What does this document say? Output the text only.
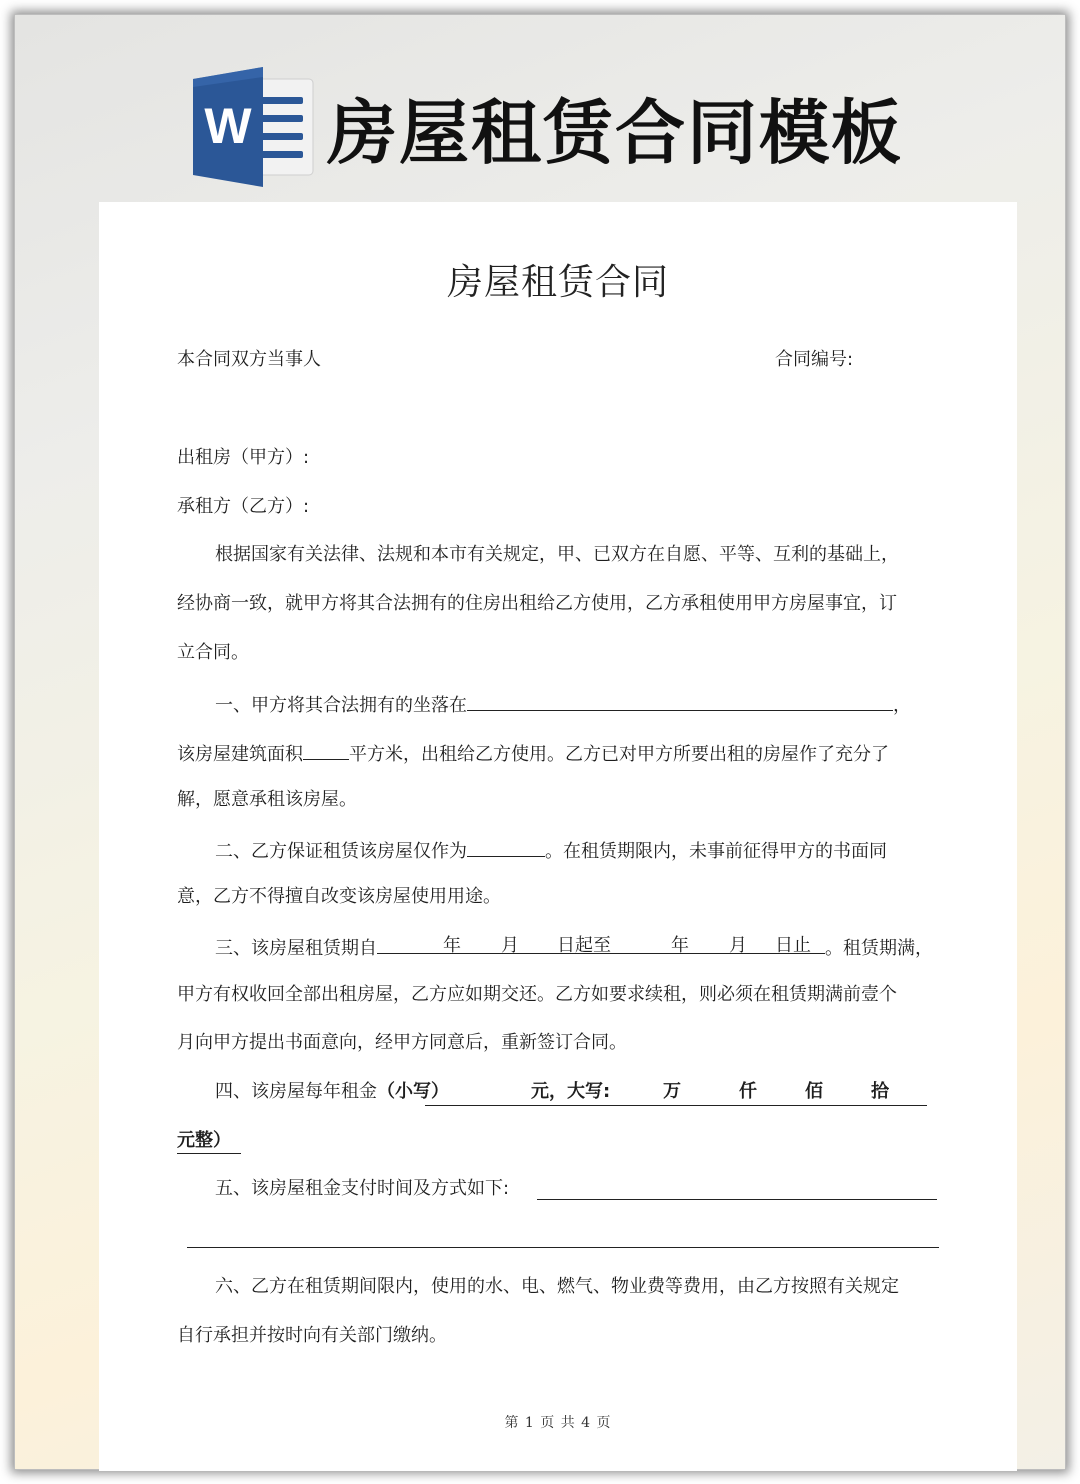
W 房屋租赁合同模板
房屋租赁合同
本合同双方当事人	合同编号:
出租房（甲方）:
承租方（乙方）:
根据国家有关法律、法规和本市有关规定，甲、已双方在自愿、平等、互利的基础上，
经协商一致，就甲方将其合法拥有的住房出租给乙方使用，乙方承租使用甲方房屋事宜，订
立合同。
一、甲方将其合法拥有的坐落在	，
该房屋建筑面积	平方米，出租给乙方使用。乙方已对甲方所要出租的房屋作了充分了
解，愿意承租该房屋。
二、乙方保证租赁该房屋仅作为	。在租赁期限内，未事前征得甲方的书面同
意，乙方不得擅自改变该房屋使用用途。
三、该房屋租赁期自	年 月 日起至	年 月 日止 。租赁期满，
甲方有权收回全部出租房屋，乙方应如期交还。乙方如要求续租，则必须在租赁期满前壹个
月向甲方提出书面意向，经甲方同意后，重新签订合同。
四、该房屋每年租金
（小写）	元，大写:	万	仟	佰	拾
元整）
五、该房屋租金支付时间及方式如下:
六、乙方在租赁期间限内，使用的水、电、燃气、物业费等费用，由乙方按照有关规定
自行承担并按时向有关部门缴纳。
第 1 页 共 4 页
